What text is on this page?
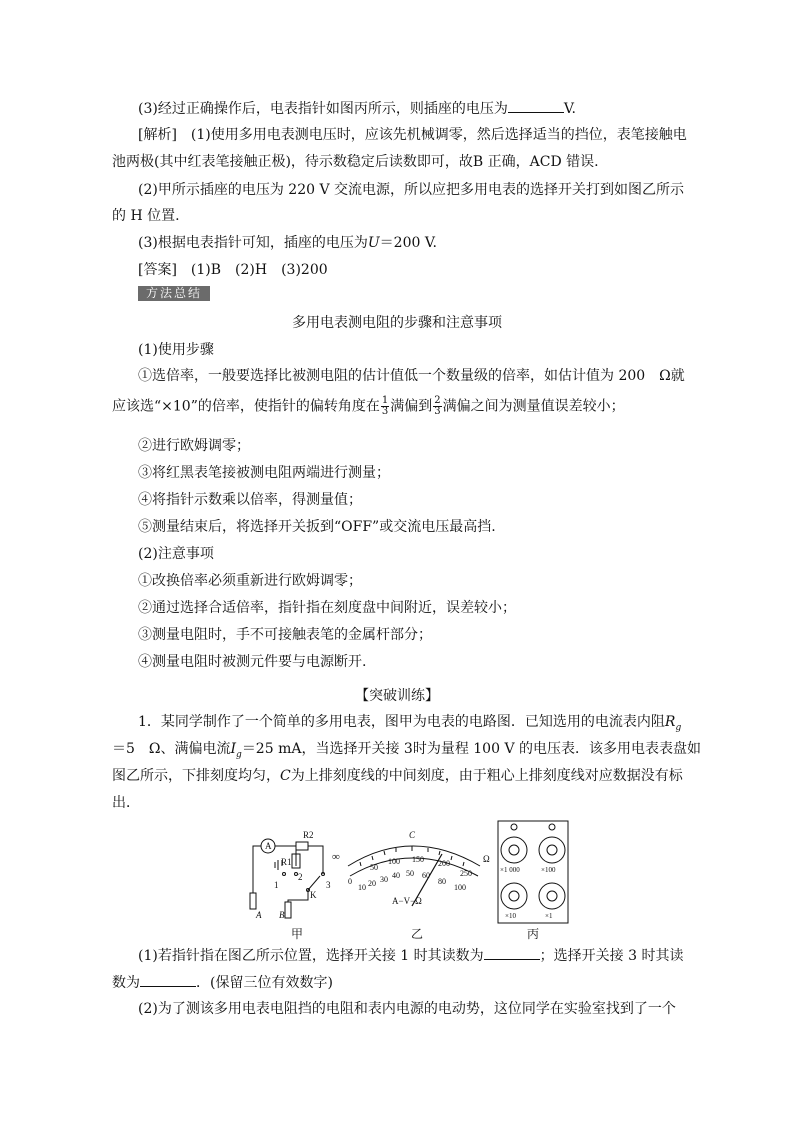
(3)经过正确操作后，电表指针如图丙所示，则插座的电压为	V.
[解析]　(1)使用多用电表测电压时，应该先机械调零，然后选择适当的挡位，表笔接触电
池两极(其中红表笔接触正极)，待示数稳定后读数即可，故B 正确，ACD 错误.
(2)甲所示插座的电压为 220 V 交流电源，所以应把多用电表的选择开关打到如图乙所示
的 H 位置.
(3)根据电表指针可知，插座的电压为U＝200 V.
[答案]　(1)B　(2)H　(3)200
方法总结
多用电表测电阻的步骤和注意事项
(1)使用步骤
①选倍率，一般要选择比被测电阻的估计值低一个数量级的倍率，如估计值为 200　Ω就
应该选“×10”的倍率，使指针的偏转角度在 $\frac{1}{3}$ 满偏到 $\frac{2}{3}$ 满偏之间为测量值误差较小；
②进行欧姆调零；
③将红黑表笔接被测电阻两端进行测量；
④将指针示数乘以倍率，得测量值；
⑤测量结束后，将选择开关扳到“OFF”或交流电压最高挡.
(2)注意事项
①改换倍率必须重新进行欧姆调零；
②通过选择合适倍率，指针指在刻度盘中间附近，误差较小；
③测量电阻时，手不可接触表笔的金属杆部分；
④测量电阻时被测元件要与电源断开.
【突破训练】
1．某同学制作了一个简单的多用电表，图甲为电表的电路图．已知选用的电流表内阻$R_g$
＝5　Ω、满偏电流$I_g=25$ mA，当选择开关接 3时为量程 100 V 的电压表．该多用电表表盘如
图乙所示，下排刻度均匀，C为上排刻度线的中间刻度，由于粗心上排刻度线对应数据没有标
出．
A
R2
R1
1
2
3
K
A B
甲
∞
C
Ω
0
50
100 150 200
250
10 20 30 40 50 60
80
100
A−V−Ω
乙
×1 000	×100
×10	×1
丙
(1)若指针指在图乙所示位置，选择开关接 1 时其读数为	；选择开关接 3 时其读
数为	．(保留三位有效数字)
(2)为了测该多用电表电阻挡的电阻和表内电源的电动势，这位同学在实验室找到了一个
